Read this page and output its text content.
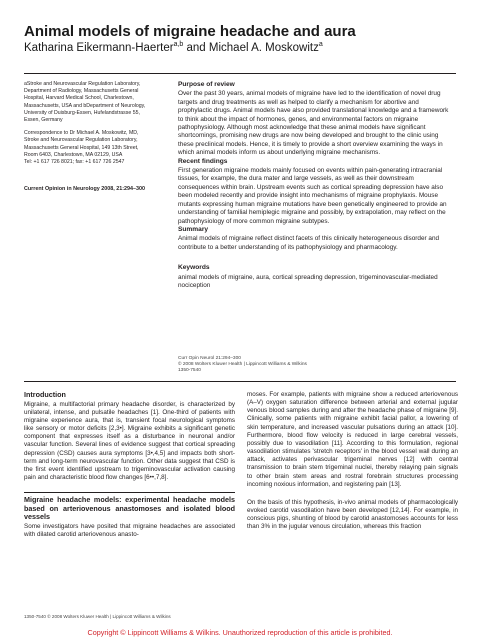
Animal models of migraine headache and aura
Katharina Eikermann-Haerter$^{a,b}$ and Michael A. Moskowitz$^a$

aStroke and Neurovascular Regulation Laboratory,
Department of Radiology, Massachusetts General
Hospital, Harvard Medical School, Charlestown,
Massachusetts, USA and bDepartment of Neurology,
University of Duisburg-Essen, Hufelandstrasse 55,
Essen, Germany

Correspondence to Dr Michael A. Moskowitz, MD,
Stroke and Neurovascular Regulation Laboratory,
Massachusetts General Hospital, 149 13th Street,
Room 6403, Charlestown, MA 02129, USA
Tel: +1 617 726 8021; fax: +1 617 726 2547

Current Opinion in Neurology 2008, 21:294–300

Purpose of review

Over the past 30 years, animal models of migraine have led to the identification of novel drug targets and drug treatments as well as helped to clarify a mechanism for abortive and prophylactic drugs. Animal models have also provided translational knowledge and a framework to think about the impact of hormones, genes, and environmental factors on migraine pathophysiology. Although most acknowledge that these animal models have significant shortcomings, promising new drugs are now being developed and brought to the clinic using these preclinical models. Hence, it is timely to provide a short overview examining the ways in which animal models inform us about underlying migraine mechanisms.

Recent findings

First generation migraine models mainly focused on events within pain-generating intracranial tissues, for example, the dura mater and large vessels, as well as their downstream consequences within brain. Upstream events such as cortical spreading depression have also been modeled recently and provide insight into mechanisms of migraine prophylaxis. Mouse mutants expressing human migraine mutations have been genetically engineered to provide an understanding of familial hemiplegic migraine and possibly, by extrapolation, may reflect on the pathophysiology of more common migraine subtypes.

Summary

Animal models of migraine reflect distinct facets of this clinically heterogeneous disorder and contribute to a better understanding of its pathophysiology and pharmacology.

Keywords

animal models of migraine, aura, cortical spreading depression, trigeminovascular-mediated nociception

Curr Opin Neurol 21:294–300
© 2008 Wolters Kluwer Health | Lippincott Williams & Wilkins
1350-7540
Introduction

Migraine, a multifactorial primary headache disorder, is characterized by unilateral, intense, and pulsatile headaches [1]. One-third of patients with migraine experience aura, that is, transient focal neurological symptoms like sensory or motor deficits [2,3•]. Migraine exhibits a significant genetic component that expresses itself as a disturbance in neuronal and/or vascular function. Several lines of evidence suggest that cortical spreading depression (CSD) causes aura symptoms [3•,4,5] and impacts both short-term and long-term neurovascular function. Other data suggest that CSD is the first event identified upstream to trigeminovascular activation causing pain and characteristic blood flow changes [6••,7,8].

Migraine headache models: experimental headache models based on arteriovenous anastomoses and isolated blood vessels

Some investigators have posited that migraine headaches are associated with dilated carotid arteriovenous anasto-

moses. For example, patients with migraine show a reduced arteriovenous (A–V) oxygen saturation difference between arterial and external jugular venous blood samples during and after the headache phase of migraine [9]. Clinically, some patients with migraine exhibit facial pallor, a lowering of skin temperature, and increased vascular pulsations during an attack [10]. Furthermore, blood flow velocity is reduced in large cerebral vessels, possibly due to vasodilation [11]. According to this formulation, regional vasodilation stimulates 'stretch receptors' in the blood vessel wall during an attack, activates perivascular trigeminal nerves [12] with central transmission to brain stem trigeminal nuclei, thereby relaying pain signals to other brain stem areas and rostral forebrain structures processing incoming noxious information, and registering pain [13].

On the basis of this hypothesis, in-vivo animal models of pharmacologically evoked carotid vasodilation have been developed [12,14]. For example, in conscious pigs, shunting of blood by carotid anastomoses accounts for less than 3% in the jugular venous circulation, whereas this fraction

1350-7540 © 2008 Wolters Kluwer Health | Lippincott Williams & Wilkins
Copyright © Lippincott Williams & Wilkins. Unauthorized reproduction of this article is prohibited.
